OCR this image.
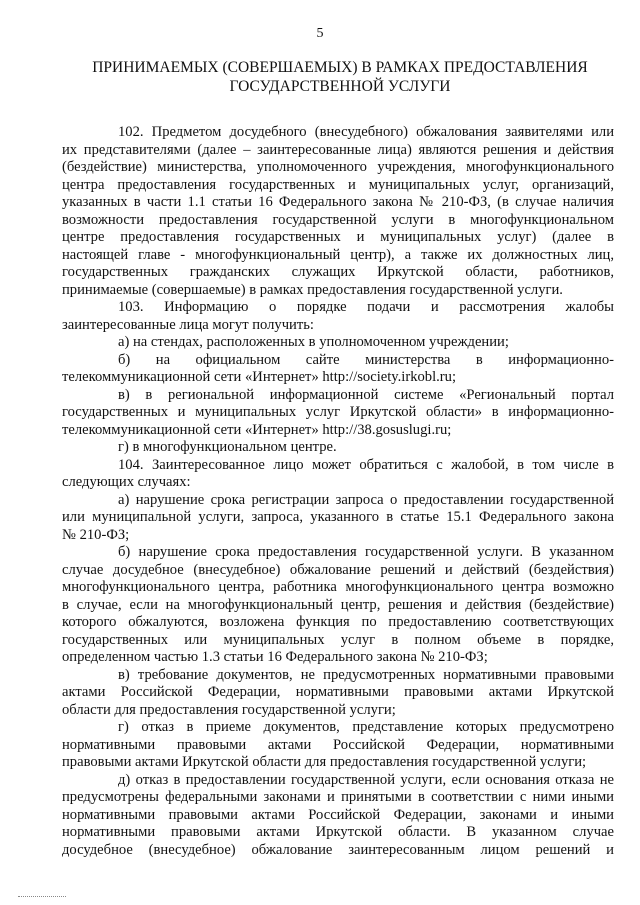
5
ПРИНИМАЕМЫХ (СОВЕРШАЕМЫХ) В РАМКАХ ПРЕДОСТАВЛЕНИЯ
ГОСУДАРСТВЕННОЙ УСЛУГИ
102. Предметом досудебного (внесудебного) обжалования заявителями или
их представителями (далее – заинтересованные лица) являются решения и действия
(бездействие) министерства, уполномоченного учреждения, многофункционального
центра предоставления государственных и муниципальных услуг, организаций,
указанных в части 1.1 статьи 16 Федерального закона № 210-ФЗ, (в случае наличия
возможности предоставления государственной услуги в многофункциональном
центре предоставления государственных и муниципальных услуг) (далее в
настоящей главе - многофункциональный центр), а также их должностных лиц,
государственных гражданских служащих Иркутской области, работников,
принимаемые (совершаемые) в рамках предоставления государственной услуги.
103. Информацию о порядке подачи и рассмотрения жалобы
заинтересованные лица могут получить:
а) на стендах, расположенных в уполномоченном учреждении;
б) на официальном сайте министерства в информационно-
телекоммуникационной сети «Интернет» http://society.irkobl.ru;
в) в региональной информационной системе «Региональный портал
государственных и муниципальных услуг Иркутской области» в информационно-
телекоммуникационной сети «Интернет» http://38.gosuslugi.ru;
г) в многофункциональном центре.
104. Заинтересованное лицо может обратиться с жалобой, в том числе в
следующих случаях:
а) нарушение срока регистрации запроса о предоставлении государственной
или муниципальной услуги, запроса, указанного в статье 15.1 Федерального закона
№ 210-ФЗ;
б) нарушение срока предоставления государственной услуги. В указанном
случае досудебное (внесудебное) обжалование решений и действий (бездействия)
многофункционального центра, работника многофункционального центра возможно
в случае, если на многофункциональный центр, решения и действия (бездействие)
которого обжалуются, возложена функция по предоставлению соответствующих
государственных или муниципальных услуг в полном объеме в порядке,
определенном частью 1.3 статьи 16 Федерального закона № 210-ФЗ;
в) требование документов, не предусмотренных нормативными правовыми
актами Российской Федерации, нормативными правовыми актами Иркутской
области для предоставления государственной услуги;
г) отказ в приеме документов, представление которых предусмотрено
нормативными правовыми актами Российской Федерации, нормативными
правовыми актами Иркутской области для предоставления государственной услуги;
д) отказ в предоставлении государственной услуги, если основания отказа не
предусмотрены федеральными законами и принятыми в соответствии с ними иными
нормативными правовыми актами Российской Федерации, законами и иными
нормативными правовыми актами Иркутской области. В указанном случае
досудебное (внесудебное) обжалование заинтересованным лицом решений и
